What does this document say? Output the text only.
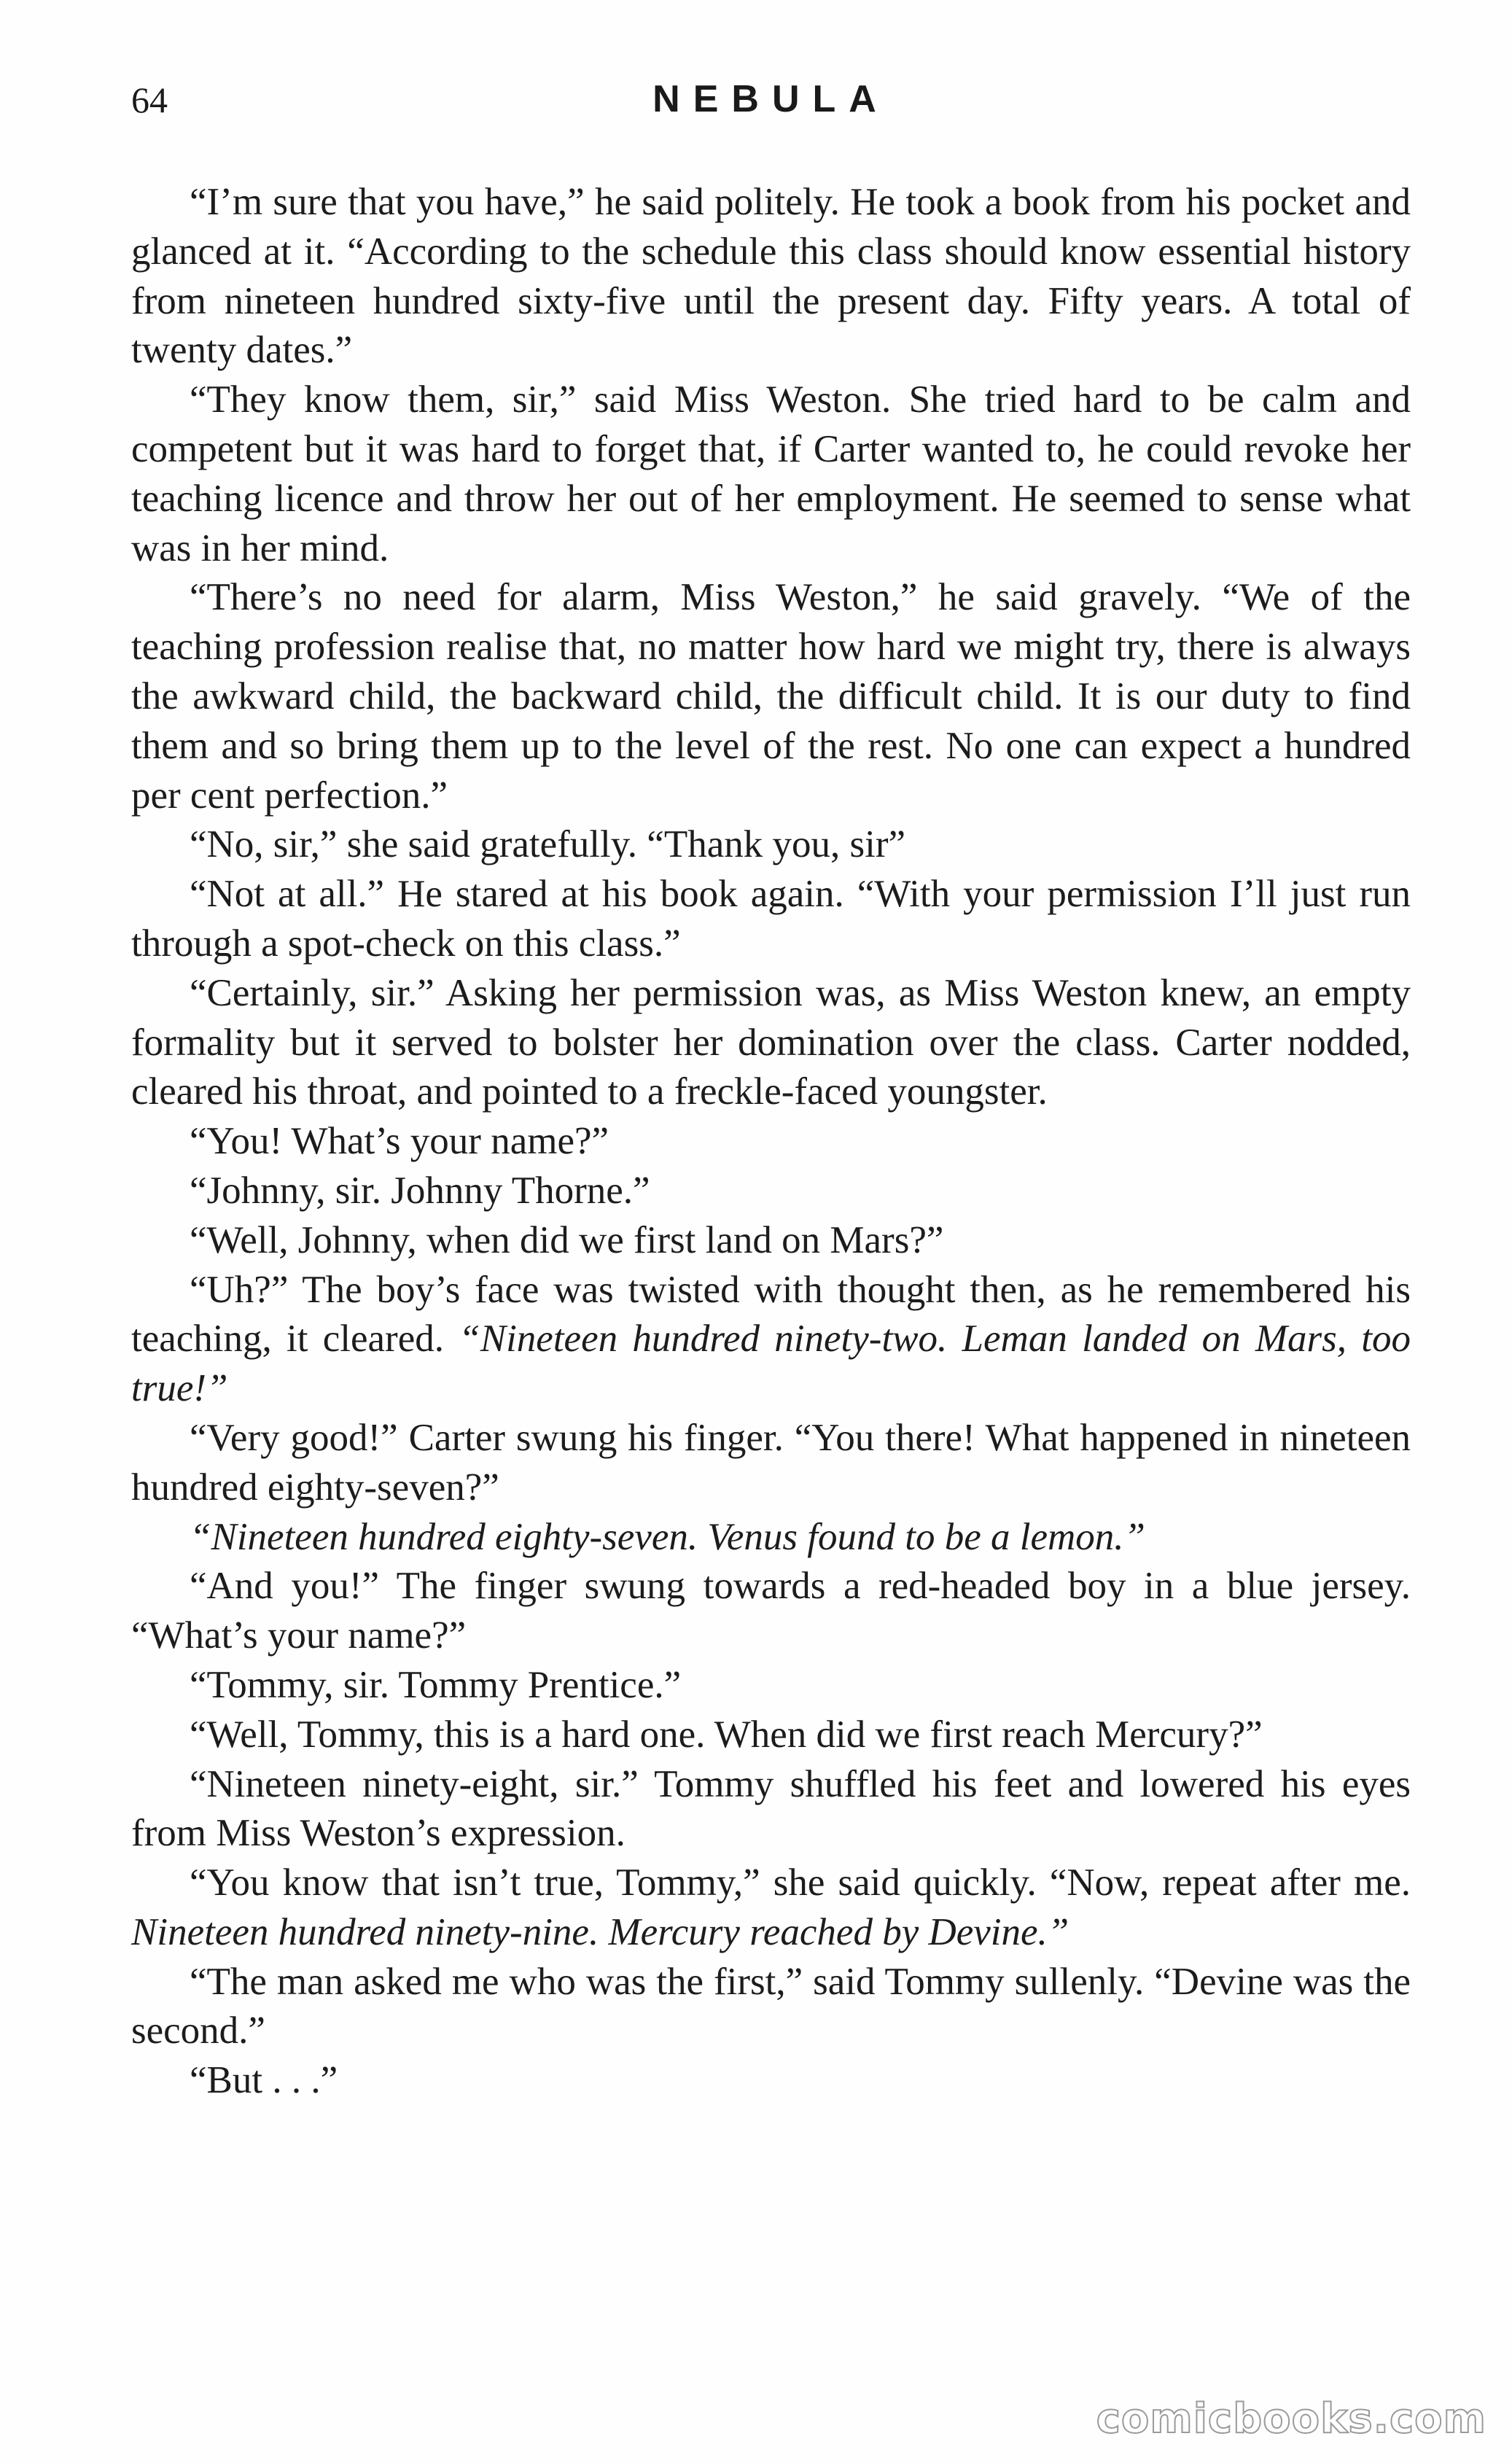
64	NEBULA

“I’m sure that you have,” he said politely. He took a book from his pocket and glanced at it. “According to the schedule this class should know essential history from nineteen hundred sixty-five until the present day. Fifty years. A total of twenty dates.”

“They know them, sir,” said Miss Weston. She tried hard to be calm and competent but it was hard to forget that, if Carter wanted to, he could revoke her teaching licence and throw her out of her employment. He seemed to sense what was in her mind.

“There’s no need for alarm, Miss Weston,” he said gravely. “We of the teaching profession realise that, no matter how hard we might try, there is always the awkward child, the backward child, the difficult child. It is our duty to find them and so bring them up to the level of the rest. No one can expect a hundred per cent perfection.”

“No, sir,” she said gratefully. “Thank you, sir”

“Not at all.” He stared at his book again. “With your permission I’ll just run through a spot-check on this class.”

“Certainly, sir.” Asking her permission was, as Miss Weston knew, an empty formality but it served to bolster her domination over the class. Carter nodded, cleared his throat, and pointed to a freckle-faced youngster.

“You! What’s your name?”

“Johnny, sir. Johnny Thorne.”

“Well, Johnny, when did we first land on Mars?”

“Uh?” The boy’s face was twisted with thought then, as he remembered his teaching, it cleared. “Nineteen hundred ninety-two. Leman landed on Mars, too true!”

“Very good!” Carter swung his finger. “You there! What happened in nineteen hundred eighty-seven?”

“Nineteen hundred eighty-seven. Venus found to be a lemon.”

“And you!” The finger swung towards a red-headed boy in a blue jersey. “What’s your name?”

“Tommy, sir. Tommy Prentice.”

“Well, Tommy, this is a hard one. When did we first reach Mercury?”

“Nineteen ninety-eight, sir.” Tommy shuffled his feet and lowered his eyes from Miss Weston’s expression.

“You know that isn’t true, Tommy,” she said quickly. “Now, repeat after me. Nineteen hundred ninety-nine. Mercury reached by Devine.”

“The man asked me who was the first,” said Tommy sullenly. “Devine was the second.”

“But . . .”

comicbooks.com
